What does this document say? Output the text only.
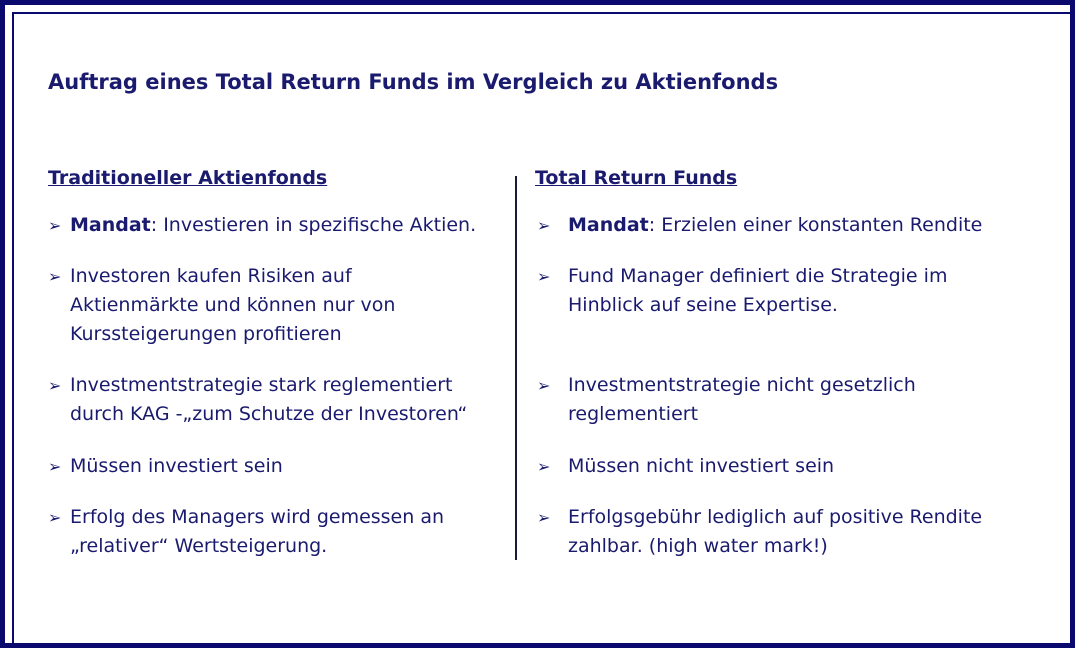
Auftrag eines Total Return Funds im Vergleich zu Aktienfonds
Traditioneller Aktienfonds
➢ Mandat: Investieren in spezifische Aktien.
➢ Investoren kaufen Risiken auf
Aktienmärkte und können nur von
Kurssteigerungen profitieren
➢ Investmentstrategie stark reglementiert
durch KAG -„zum Schutze der Investoren“
➢ Müssen investiert sein
➢ Erfolg des Managers wird gemessen an
„relativer“ Wertsteigerung.
Total Return Funds
➢ Mandat: Erzielen einer konstanten Rendite
➢ Fund Manager definiert die Strategie im
Hinblick auf seine Expertise.
➢ Investmentstrategie nicht gesetzlich
reglementiert
➢ Müssen nicht investiert sein
➢ Erfolgsgebühr lediglich auf positive Rendite
zahlbar. (high water mark!)
